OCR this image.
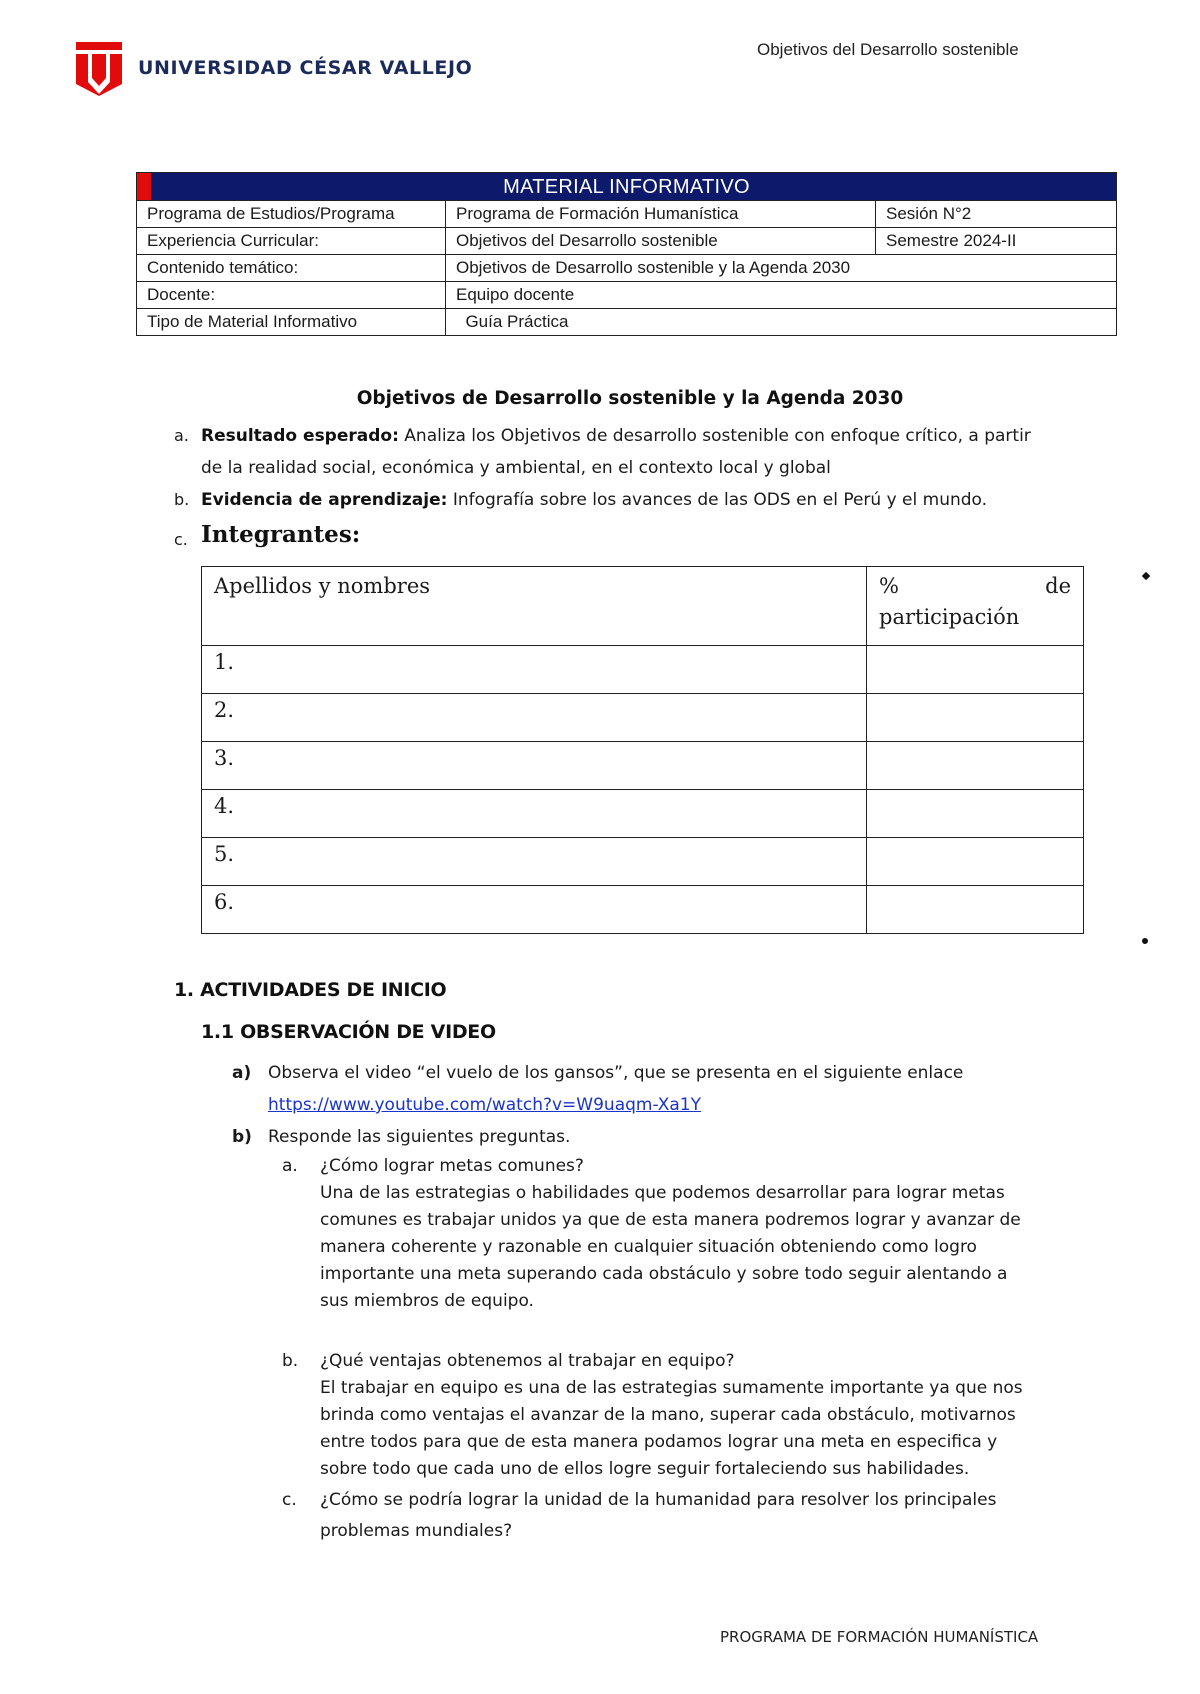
UNIVERSIDAD CÉSAR VALLEJO
Objetivos del Desarrollo sostenible
MATERIAL INFORMATIVO		
Programa de Estudios/Programa	Programa de Formación Humanística	Sesión N°2
Experiencia Curricular:	Objetivos del Desarrollo sostenible	Semestre 2024-II
Contenido temático:	Objetivos de Desarrollo sostenible y la Agenda 2030	
Docente:	Equipo docente	
Tipo de Material Informativo	Guía Práctica	
Objetivos de Desarrollo sostenible y la Agenda 2030
a. Resultado esperado: Analiza los Objetivos de desarrollo sostenible con enfoque crítico, a partir
de la realidad social, económica y ambiental, en el contexto local y global
b. Evidencia de aprendizaje: Infografía sobre los avances de las ODS en el Perú y el mundo.
c. Integrantes:
Apellidos y nombres	% de
participación

1.	
2.	
3.	
4.	
5.	
6.	
1. ACTIVIDADES DE INICIO
1.1 OBSERVACIÓN DE VIDEO
a) Observa el video “el vuelo de los gansos”, que se presenta en el siguiente enlace
https://www.youtube.com/watch?v=W9uaqm-Xa1Y
b) Responde las siguientes preguntas.
a. ¿Cómo lograr metas comunes?
Una de las estrategias o habilidades que podemos desarrollar para lograr metas
comunes es trabajar unidos ya que de esta manera podremos lograr y avanzar de
manera coherente y razonable en cualquier situación obteniendo como logro
importante una meta superando cada obstáculo y sobre todo seguir alentando a
sus miembros de equipo.
b. ¿Qué ventajas obtenemos al trabajar en equipo?
El trabajar en equipo es una de las estrategias sumamente importante ya que nos
brinda como ventajas el avanzar de la mano, superar cada obstáculo, motivarnos
entre todos para que de esta manera podamos lograr una meta en especifica y
sobre todo que cada uno de ellos logre seguir fortaleciendo sus habilidades.
c. ¿Cómo se podría lograr la unidad de la humanidad para resolver los principales
problemas mundiales?
PROGRAMA DE FORMACIÓN HUMANÍSTICA
